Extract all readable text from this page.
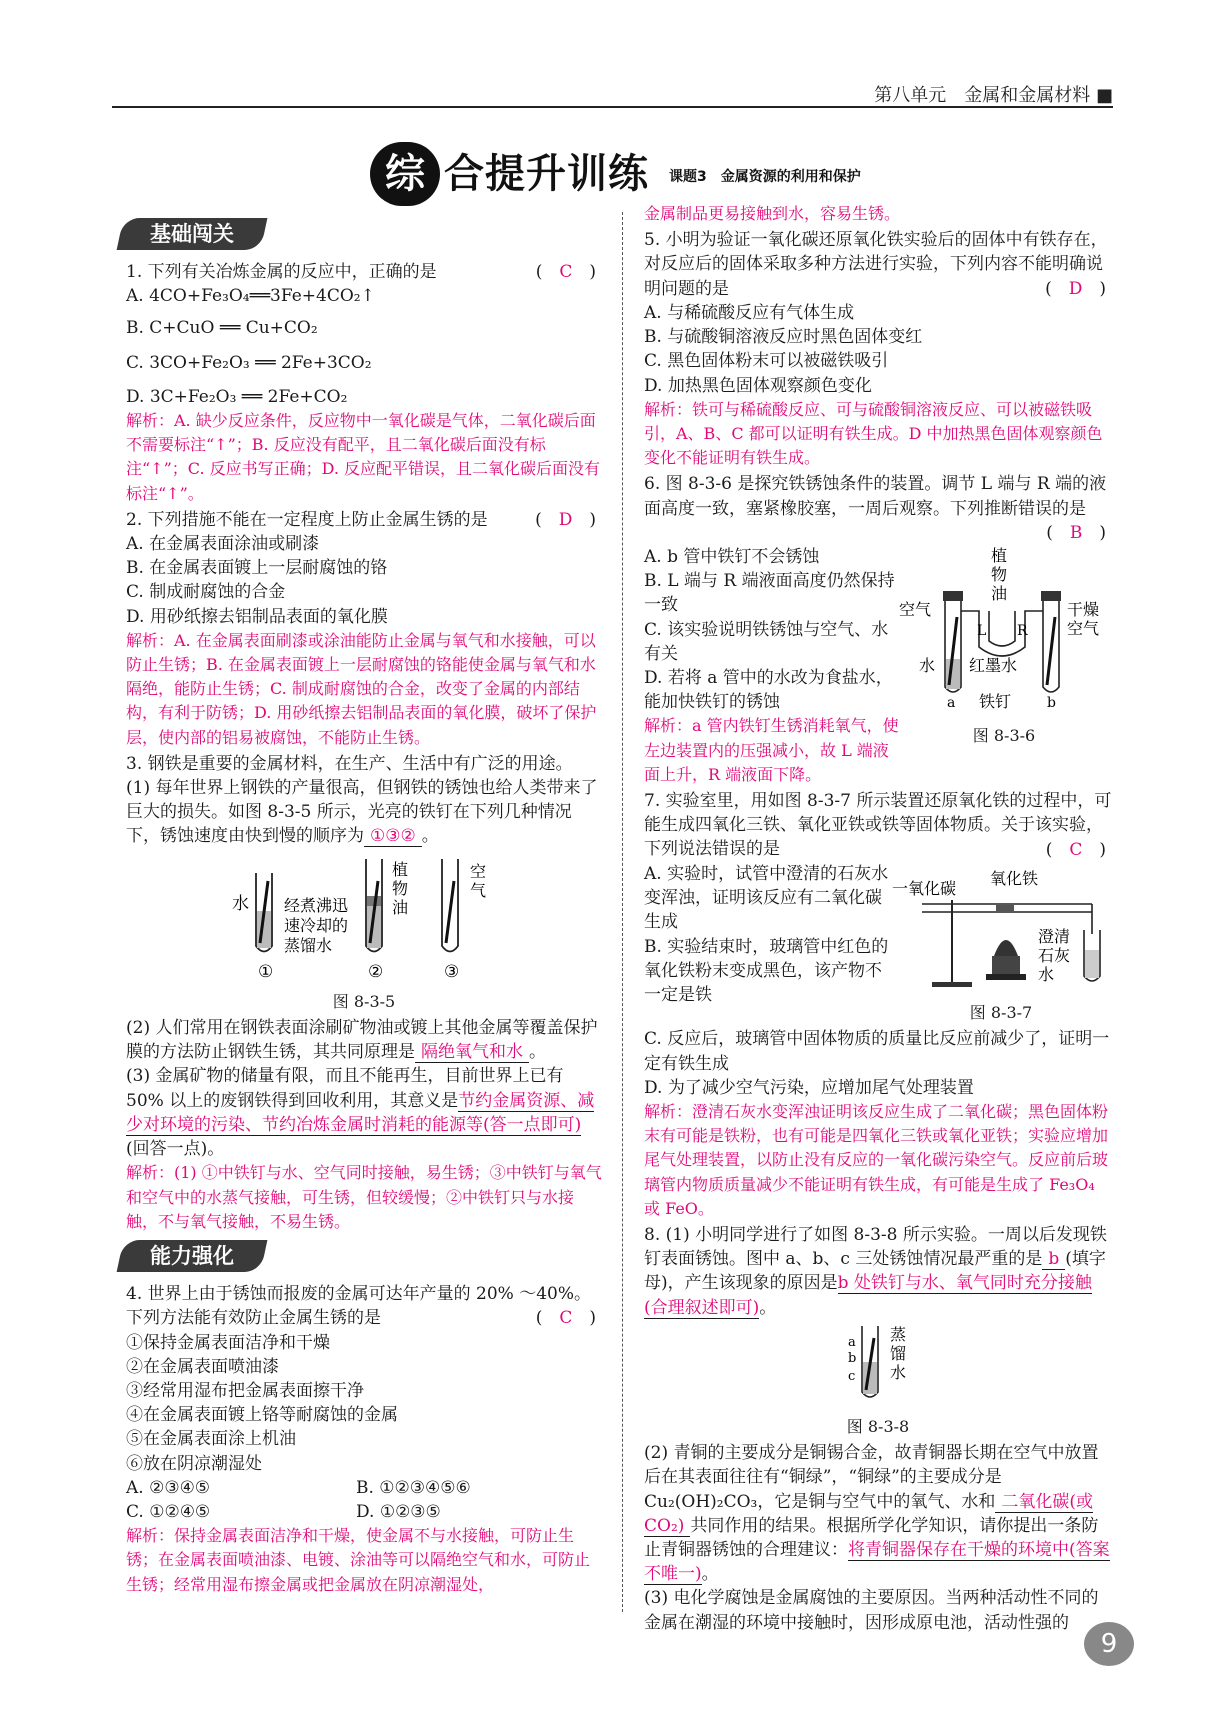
第八单元　金属和金属材料 ■
综 合提升训练 课题3　金属资源的利用和保护
基础闯关
1. 下列有关冶炼金属的反应中，正确的是	(　C　)

A. 4CO+Fe₃O₄══3Fe+4CO₂↑

B. C+CuO ══ Cu+CO₂

C. 3CO+Fe₂O₃ ══ 2Fe+3CO₂

D. 3C+Fe₂O₃ ══ 2Fe+CO₂

解析：A. 缺少反应条件，反应物中一氧化碳是气体，二氧化碳后面不需要标注“↑”；B. 反应没有配平，且二氧化碳后面没有标注“↑”；C. 反应书写正确；D. 反应配平错误，且二氧化碳后面没有标注“↑”。

2. 下列措施不能在一定程度上防止金属生锈的是	(　D　)

A. 在金属表面涂油或刷漆

B. 在金属表面镀上一层耐腐蚀的铬

C. 制成耐腐蚀的合金

D. 用砂纸擦去铝制品表面的氧化膜

解析：A. 在金属表面刷漆或涂油能防止金属与氧气和水接触，可以防止生锈；B. 在金属表面镀上一层耐腐蚀的铬能使金属与氧气和水隔绝，能防止生锈；C. 制成耐腐蚀的合金，改变了金属的内部结构，有利于防锈；D. 用砂纸擦去铝制品表面的氧化膜，破坏了保护层，使内部的铝易被腐蚀，不能防止生锈。

3. 钢铁是重要的金属材料，在生产、生活中有广泛的用途。

(1) 每年世界上钢铁的产量很高，但钢铁的锈蚀也给人类带来了巨大的损失。如图 8-3-5 所示，光亮的铁钉在下列几种情况下，锈蚀速度由快到慢的顺序为 ①③② 。

水
①
经煮沸迅速冷却的蒸馏水
②
植物油
③
空气
图 8-3-5

(2) 人们常用在钢铁表面涂刷矿物油或镀上其他金属等覆盖保护膜的方法防止钢铁生锈，其共同原理是 隔绝氧气和水 。

(3) 金属矿物的储量有限，而且不能再生，目前世界上已有 50% 以上的废钢铁得到回收利用，其意义是节约金属资源、减少对环境的污染、节约冶炼金属时消耗的能源等(答一点即可)(回答一点)。

解析：(1) ①中铁钉与水、空气同时接触，易生锈；③中铁钉与氧气和空气中的水蒸气接触，可生锈，但较缓慢；②中铁钉只与水接触，不与氧气接触，不易生锈。

能力强化

4. 世界上由于锈蚀而报废的金属可达年产量的 20% ～40%。下列方法能有效防止金属生锈的是	(　C　)

①保持金属表面洁净和干燥

②在金属表面喷油漆

③经常用湿布把金属表面擦干净

④在金属表面镀上铬等耐腐蚀的金属

⑤在金属表面涂上机油

⑥放在阴凉潮湿处

A. ②③④⑤	B. ①②③④⑤⑥

C. ①②④⑤	D. ①②③⑤

解析：保持金属表面洁净和干燥，使金属不与水接触，可防止生锈；在金属表面喷油漆、电镀、涂油等可以隔绝空气和水，可防止生锈；经常用湿布擦金属或把金属放在阴凉潮湿处，

金属制品更易接触到水，容易生锈。

5. 小明为验证一氧化碳还原氧化铁实验后的固体中有铁存在，对反应后的固体采取多种方法进行实验，下列内容不能明确说明问题的是	(　D　)

A. 与稀硫酸反应有气体生成

B. 与硫酸铜溶液反应时黑色固体变红

C. 黑色固体粉末可以被磁铁吸引

D. 加热黑色固体观察颜色变化

解析：铁可与稀硫酸反应、可与硫酸铜溶液反应、可以被磁铁吸引，A、B、C 都可以证明有铁生成。D 中加热黑色固体观察颜色变化不能证明有铁生成。

6. 图 8-3-6 是探究铁锈蚀条件的装置。调节 L 端与 R 端的液面高度一致，塞紧橡胶塞，一周后观察。下列推断错误的是

(　B　)

A. b 管中铁钉不会锈蚀

B. L 端与 R 端液面高度仍然保持一致

C. 该实验说明铁锈蚀与空气、水有关

D. 若将 a 管中的水改为食盐水，能加快铁钉的锈蚀

解析：a 管内铁钉生锈消耗氧气，使左边装置内的压强减小，故 L 端液面上升，R 端液面下降。

植物油
空气	干燥空气
L R
水 红墨水
a 铁钉	b
图 8-3-6

7. 实验室里，用如图 8-3-7 所示装置还原氧化铁的过程中，可能生成四氧化三铁、氧化亚铁或铁等固体物质。关于该实验，下列说法错误的是	(　C　)

A. 实验时，试管中澄清的石灰水变浑浊，证明该反应有二氧化碳生成

B. 实验结束时，玻璃管中红色的氧化铁粉末变成黑色，该产物不一定是铁

一氧化碳
氧化铁
澄清石灰水
图 8-3-7

C. 反应后，玻璃管中固体物质的质量比反应前减少了，证明一定有铁生成

D. 为了减少空气污染，应增加尾气处理装置

解析：澄清石灰水变浑浊证明该反应生成了二氧化碳；黑色固体粉末有可能是铁粉，也有可能是四氧化三铁或氧化亚铁；实验应增加尾气处理装置，以防止没有反应的一氧化碳污染空气。反应前后玻璃管内物质质量减少不能证明有铁生成，有可能是生成了 Fe₃O₄ 或 FeO。

8. (1) 小明同学进行了如图 8-3-8 所示实验。一周以后发现铁钉表面锈蚀。图中 a、b、c 三处锈蚀情况最严重的是 b (填字母)，产生该现象的原因是b 处铁钉与水、氧气同时充分接触(合理叙述即可)。

a
b
c
蒸馏水
图 8-3-8

(2) 青铜的主要成分是铜锡合金，故青铜器长期在空气中放置后在其表面往往有“铜绿”，“铜绿”的主要成分是 Cu₂(OH)₂CO₃，它是铜与空气中的氧气、水和 二氧化碳(或 CO₂) 共同作用的结果。根据所学化学知识，请你提出一条防止青铜器锈蚀的合理建议：将青铜器保存在干燥的环境中(答案不唯一)。

(3) 电化学腐蚀是金属腐蚀的主要原因。当两种活动性不同的金属在潮湿的环境中接触时，因形成原电池，活动性强的

9
